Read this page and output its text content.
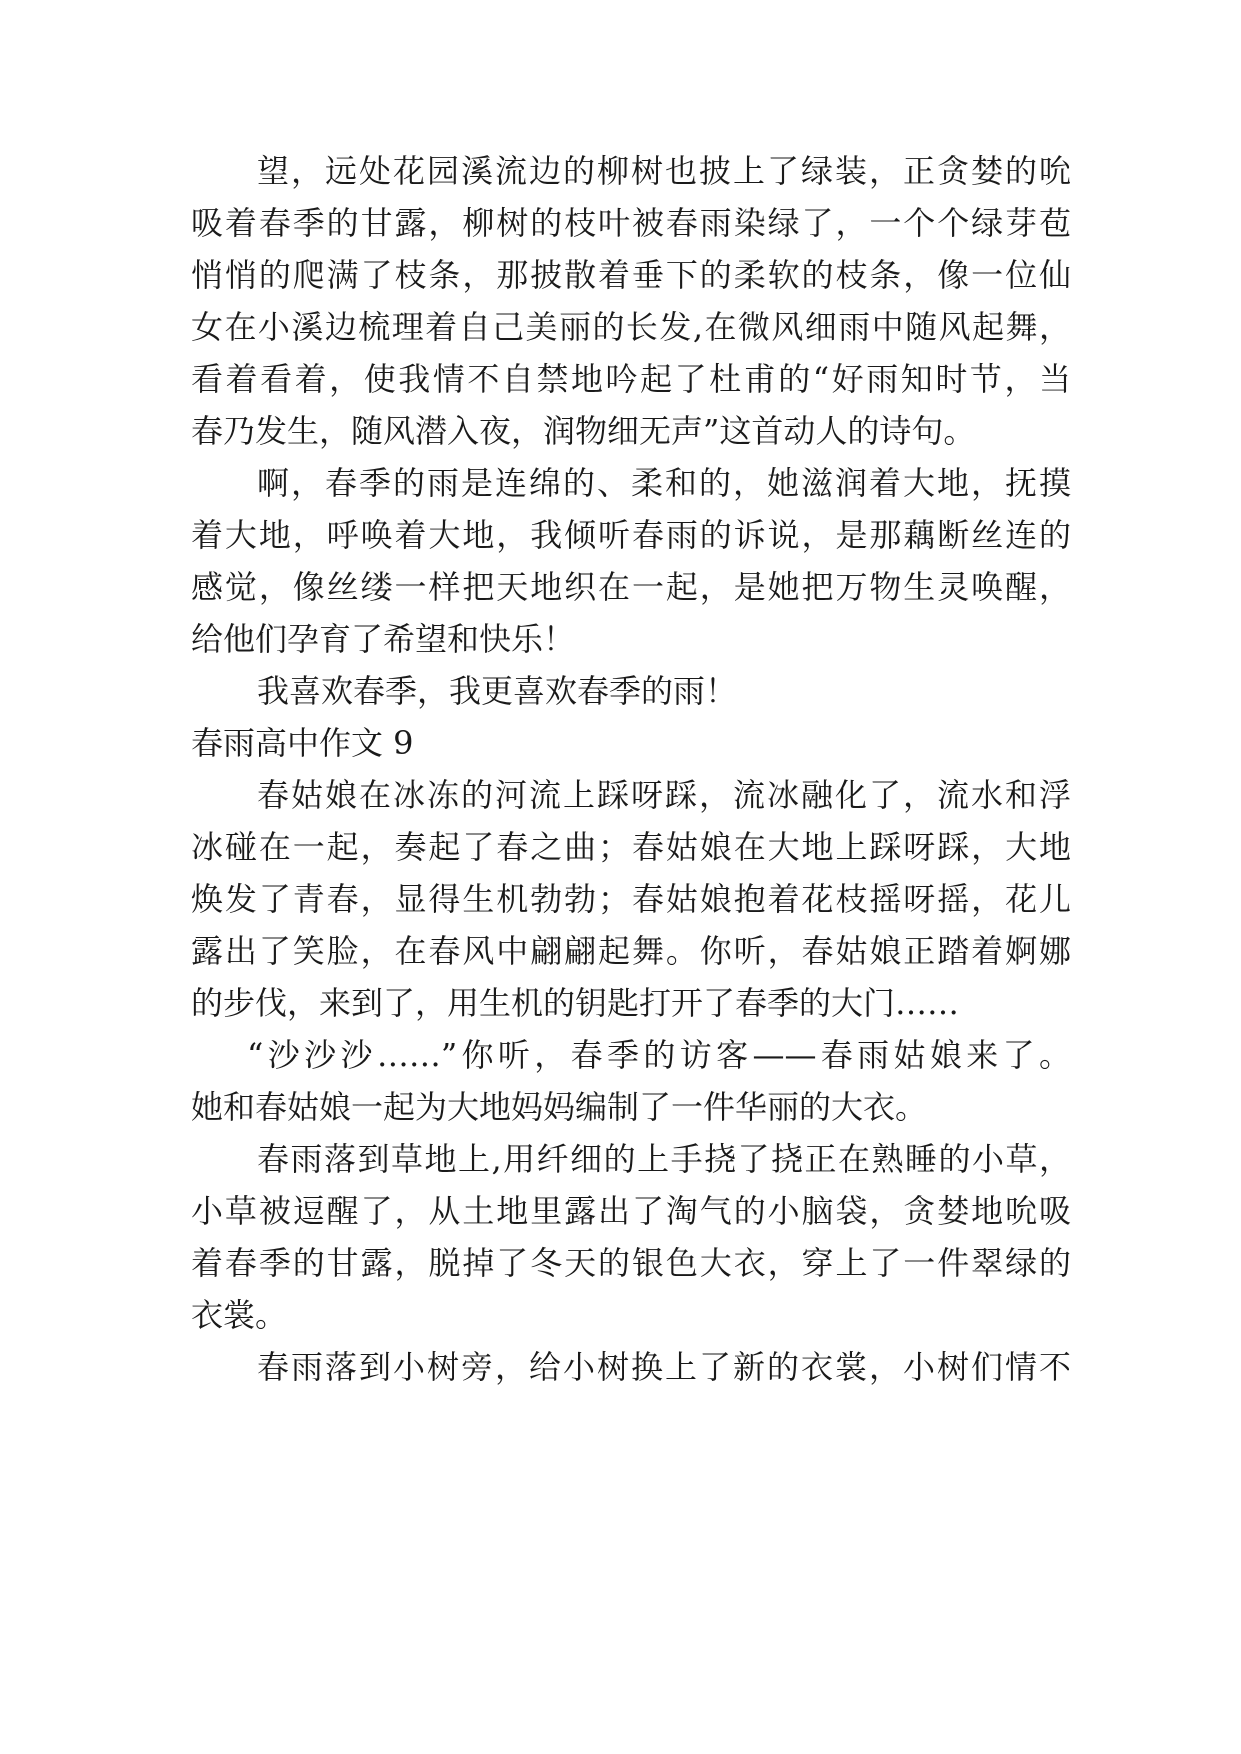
望，远处花园溪流边的柳树也披上了绿装，正贪婪的吮

吸着春季的甘露，柳树的枝叶被春雨染绿了，一个个绿芽苞

悄悄的爬满了枝条，那披散着垂下的柔软的枝条，像一位仙

女在小溪边梳理着自己美丽的长发,在微风细雨中随风起舞，

看着看着，使我情不自禁地吟起了杜甫的“好雨知时节，当

春乃发生，随风潜入夜，润物细无声”这首动人的诗句。

啊，春季的雨是连绵的、柔和的，她滋润着大地，抚摸

着大地，呼唤着大地，我倾听春雨的诉说，是那藕断丝连的

感觉，像丝缕一样把天地织在一起，是她把万物生灵唤醒，

给他们孕育了希望和快乐！

我喜欢春季，我更喜欢春季的雨！

春雨高中作文 9

春姑娘在冰冻的河流上踩呀踩，流冰融化了，流水和浮

冰碰在一起，奏起了春之曲；春姑娘在大地上踩呀踩，大地

焕发了青春，显得生机勃勃；春姑娘抱着花枝摇呀摇，花儿

露出了笑脸，在春风中翩翩起舞。你听，春姑娘正踏着婀娜

的步伐，来到了，用生机的钥匙打开了春季的大门……

“沙沙沙……”你听，春季的访客——春雨姑娘来了。

她和春姑娘一起为大地妈妈编制了一件华丽的大衣。

春雨落到草地上,用纤细的上手挠了挠正在熟睡的小草，

小草被逗醒了，从土地里露出了淘气的小脑袋，贪婪地吮吸

着春季的甘露，脱掉了冬天的银色大衣，穿上了一件翠绿的

衣裳。

春雨落到小树旁，给小树换上了新的衣裳，小树们情不
